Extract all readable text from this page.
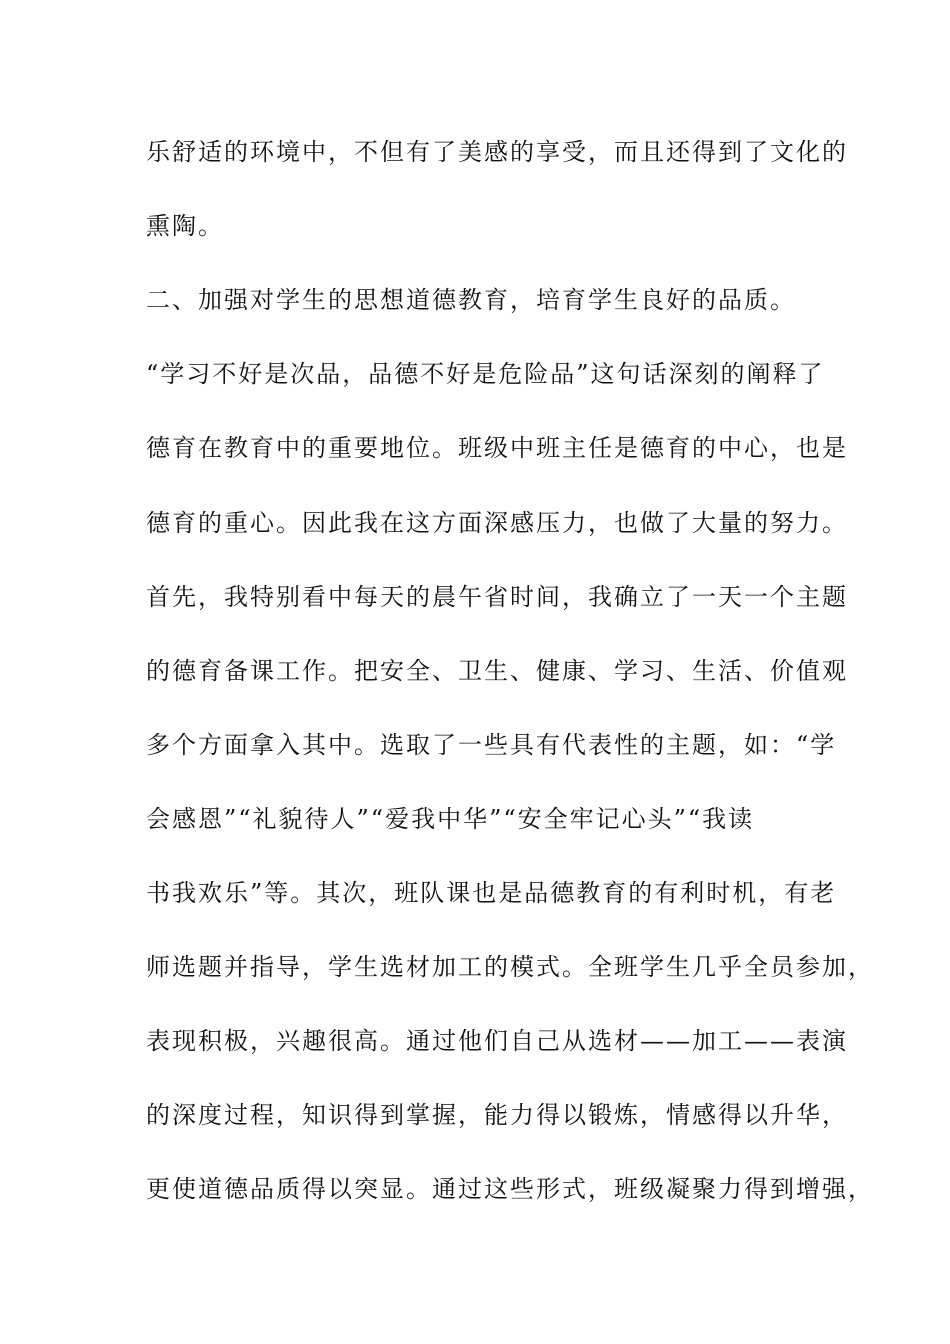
乐舒适的环境中，不但有了美感的享受，而且还得到了文化的
熏陶。
二、加强对学生的思想道德教育，培育学生良好的品质。
“学习不好是次品，品德不好是危险品”这句话深刻的阐释了
德育在教育中的重要地位。班级中班主任是德育的中心，也是
德育的重心。因此我在这方面深感压力，也做了大量的努力。
首先，我特别看中每天的晨午省时间，我确立了一天一个主题
的德育备课工作。把安全、卫生、健康、学习、生活、价值观
多个方面拿入其中。选取了一些具有代表性的主题，如：“学
会感恩”“礼貌待人”“爱我中华”“安全牢记心头”“我读
书我欢乐”等。其次，班队课也是品德教育的有利时机，有老
师选题并指导，学生选材加工的模式。全班学生几乎全员参加，
表现积极，兴趣很高。通过他们自己从选材——加工——表演
的深度过程，知识得到掌握，能力得以锻炼，情感得以升华，
更使道德品质得以突显。通过这些形式，班级凝聚力得到增强，
